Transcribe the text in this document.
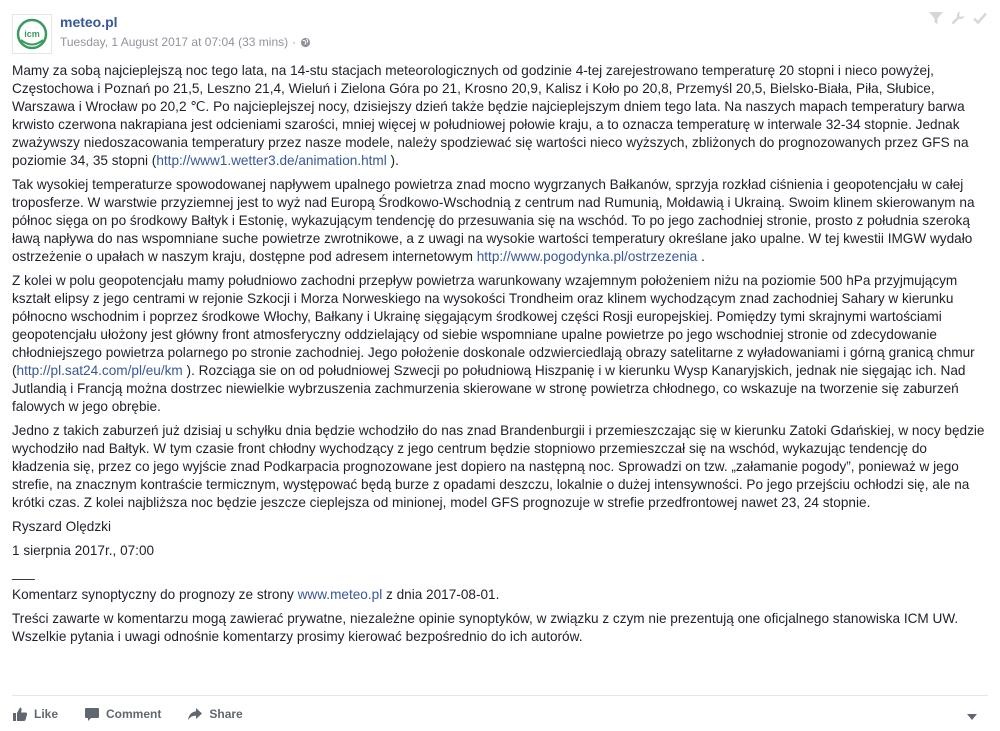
icm
meteo.pl
Tuesday, 1 August 2017 at 07:04 (33 mins) ·

Mamy za sobą najcieplejszą noc tego lata, na 14-stu stacjach meteorologicznych od godzinie 4-tej zarejestrowano temperaturę 20 stopni i nieco powyżej, Częstochowa i Poznań po 21,5, Leszno 21,4, Wieluń i Zielona Góra po 21, Krosno 20,9, Kalisz i Koło po 20,8, Przemyśl 20,5, Bielsko-Biała, Piła, Słubice, Warszawa i Wrocław po 20,2 ℃. Po najcieplejszej nocy, dzisiejszy dzień także będzie najcieplejszym dniem tego lata. Na naszych mapach temperatury barwa krwisto czerwona nakrapiana jest odcieniami szarości, mniej więcej w południowej połowie kraju, a to oznacza temperaturę w interwale 32-34 stopnie. Jednak zważywszy niedoszacowania temperatury przez nasze modele, należy spodziewać się wartości nieco wyższych, zbliżonych do prognozowanych przez GFS na poziomie 34, 35 stopni (http://www1.wetter3.de/animation.html ).

Tak wysokiej temperaturze spowodowanej napływem upalnego powietrza znad mocno wygrzanych Bałkanów, sprzyja rozkład ciśnienia i geopotencjału w całej troposferze. W warstwie przyziemnej jest to wyż nad Europą Środkowo-Wschodnią z centrum nad Rumunią, Mołdawią i Ukrainą. Swoim klinem skierowanym na północ sięga on po środkowy Bałtyk i Estonię, wykazującym tendencję do przesuwania się na wschód. To po jego zachodniej stronie, prosto z południa szeroką ławą napływa do nas wspomniane suche powietrze zwrotnikowe, a z uwagi na wysokie wartości temperatury określane jako upalne. W tej kwestii IMGW wydało ostrzeżenie o upałach w naszym kraju, dostępne pod adresem internetowym http://www.pogodynka.pl/ostrzezenia .

Z kolei w polu geopotencjału mamy południowo zachodni przepływ powietrza warunkowany wzajemnym położeniem niżu na poziomie 500 hPa przyjmującym kształt elipsy z jego centrami w rejonie Szkocji i Morza Norweskiego na wysokości Trondheim oraz klinem wychodzącym znad zachodniej Sahary w kierunku północno wschodnim i poprzez środkowe Włochy, Bałkany i Ukrainę sięgającym środkowej części Rosji europejskiej. Pomiędzy tymi skrajnymi wartościami geopotencjału ułożony jest główny front atmosferyczny oddzielający od siebie wspomniane upalne powietrze po jego wschodniej stronie od zdecydowanie chłodniejszego powietrza polarnego po stronie zachodniej. Jego położenie doskonale odzwierciedlają obrazy satelitarne z wyładowaniami i górną granicą chmur (http://pl.sat24.com/pl/eu/km ). Rozciąga sie on od południowej Szwecji po południową Hiszpanię i w kierunku Wysp Kanaryjskich, jednak nie sięgając ich. Nad Jutlandią i Francją można dostrzec niewielkie wybrzuszenia zachmurzenia skierowane w stronę powietrza chłodnego, co wskazuje na tworzenie się zaburzeń falowych w jego obrębie.

Jedno z takich zaburzeń już dzisiaj u schyłku dnia będzie wchodziło do nas znad Brandenburgii i przemieszczając się w kierunku Zatoki Gdańskiej, w nocy będzie wychodziło nad Bałtyk. W tym czasie front chłodny wychodzący z jego centrum będzie stopniowo przemieszczał się na wschód, wykazując tendencję do kładzenia się, przez co jego wyjście znad Podkarpacia prognozowane jest dopiero na następną noc. Sprowadzi on tzw. „załamanie pogody”, ponieważ w jego strefie, na znacznym kontraście termicznym, występować będą burze z opadami deszczu, lokalnie o dużej intensywności. Po jego przejściu ochłodzi się, ale na krótki czas. Z kolei najbliższa noc będzie jeszcze cieplejsza od minionej, model GFS prognozuje w strefie przedfrontowej nawet 23, 24 stopnie.

Ryszard Olędzki

1 sierpnia 2017r., 07:00

___

Komentarz synoptyczny do prognozy ze strony www.meteo.pl z dnia 2017-08-01.

Treści zawarte w komentarzu mogą zawierać prywatne, niezależne opinie synoptyków, w związku z czym nie prezentują one oficjalnego stanowiska ICM UW. Wszelkie pytania i uwagi odnośnie komentarzy prosimy kierować bezpośrednio do ich autorów.

Like	Comment	Share
